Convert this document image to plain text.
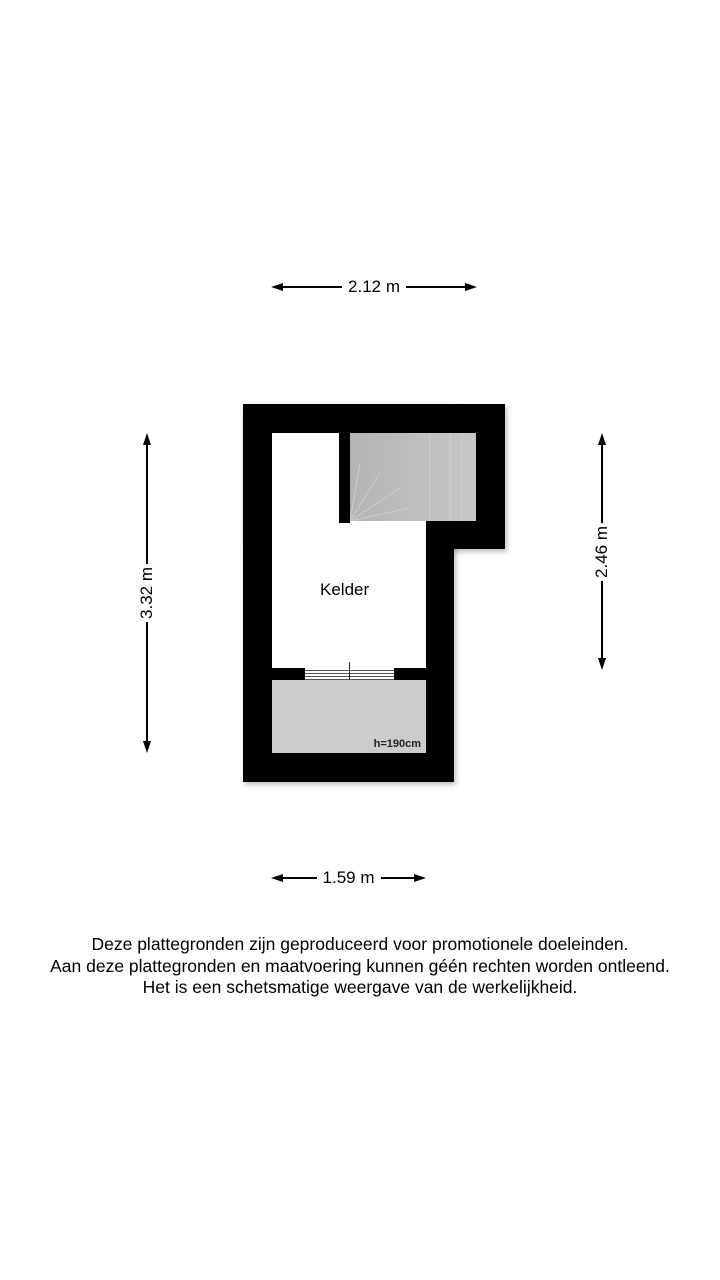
2.12 m
1.59 m
3.32 m
2.46 m
h=190cm
Kelder
Deze plattegronden zijn geproduceerd voor promotionele doeleinden.
Aan deze plattegronden en maatvoering kunnen géén rechten worden ontleend.
Het is een schetsmatige weergave van de werkelijkheid.
